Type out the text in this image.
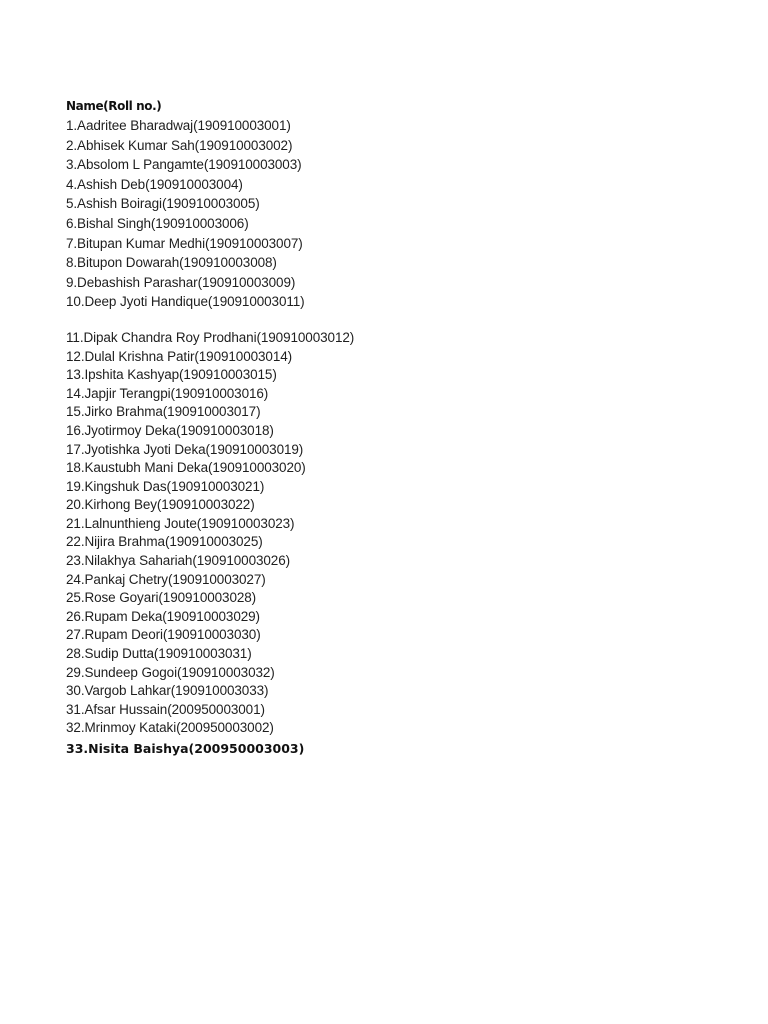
Name(Roll no.)
1.Aadritee Bharadwaj(190910003001)
2.Abhisek Kumar Sah(190910003002)
3.Absolom L Pangamte(190910003003)
4.Ashish Deb(190910003004)
5.Ashish Boiragi(190910003005)
6.Bishal Singh(190910003006)
7.Bitupan Kumar Medhi(190910003007)
8.Bitupon Dowarah(190910003008)
9.Debashish Parashar(190910003009)
10.Deep Jyoti Handique(190910003011)
11.Dipak Chandra Roy Prodhani(190910003012)
12.Dulal Krishna Patir(190910003014)
13.Ipshita Kashyap(190910003015)
14.Japjir Terangpi(190910003016)
15.Jirko Brahma(190910003017)
16.Jyotirmoy Deka(190910003018)
17.Jyotishka Jyoti Deka(190910003019)
18.Kaustubh Mani Deka(190910003020)
19.Kingshuk Das(190910003021)
20.Kirhong Bey(190910003022)
21.Lalnunthieng Joute(190910003023)
22.Nijira Brahma(190910003025)
23.Nilakhya Sahariah(190910003026)
24.Pankaj Chetry(190910003027)
25.Rose Goyari(190910003028)
26.Rupam Deka(190910003029)
27.Rupam Deori(190910003030)
28.Sudip Dutta(190910003031)
29.Sundeep Gogoi(190910003032)
30.Vargob Lahkar(190910003033)
31.Afsar Hussain(200950003001)
32.Mrinmoy Kataki(200950003002)
33.Nisita Baishya(200950003003)
